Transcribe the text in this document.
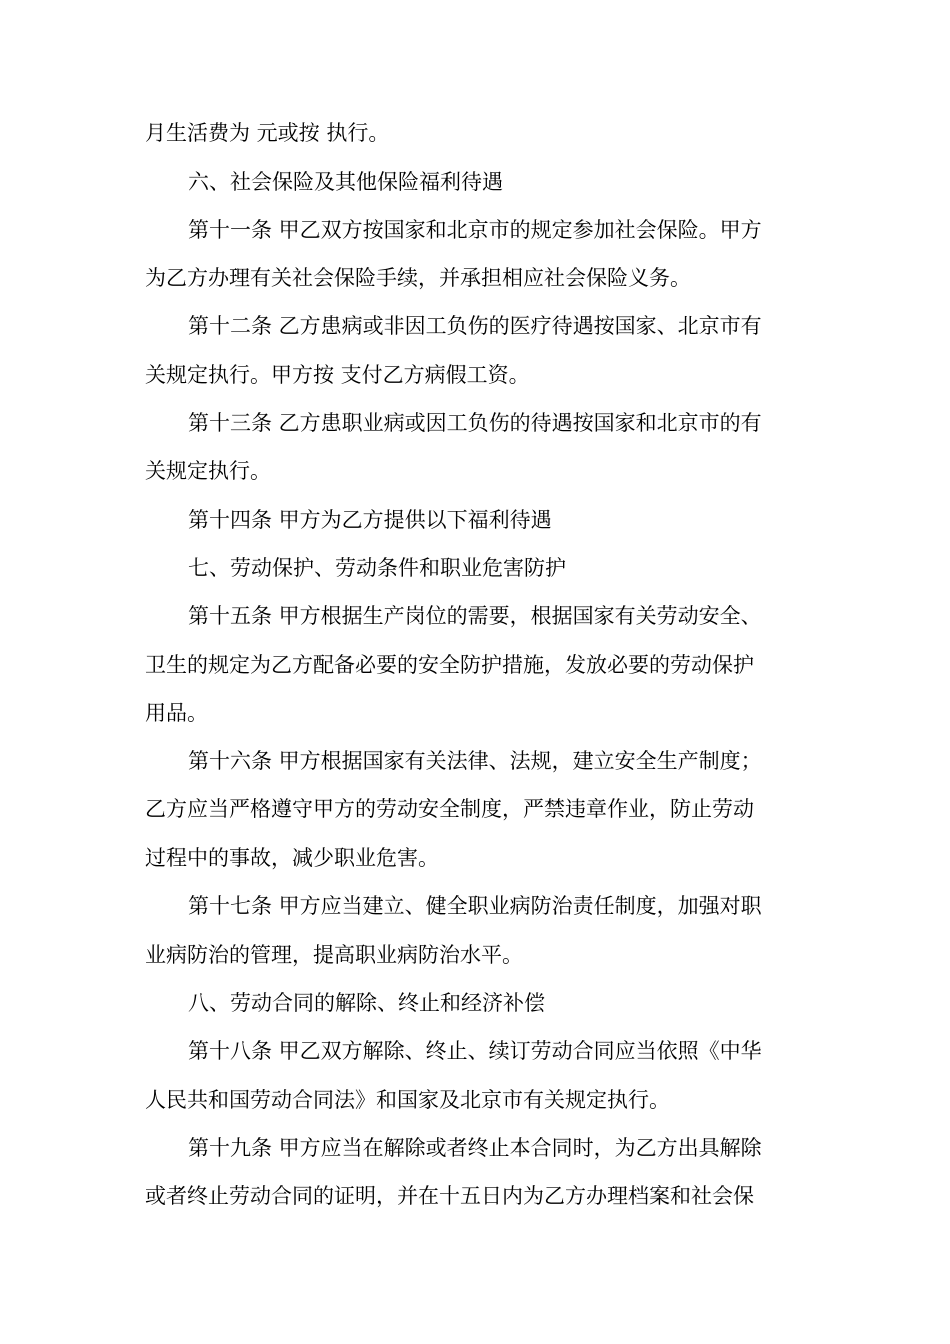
月生活费为 元或按 执行。
六、社会保险及其他保险福利待遇
第十一条 甲乙双方按国家和北京市的规定参加社会保险。甲方
为乙方办理有关社会保险手续，并承担相应社会保险义务。
第十二条 乙方患病或非因工负伤的医疗待遇按国家、北京市有
关规定执行。甲方按 支付乙方病假工资。
第十三条 乙方患职业病或因工负伤的待遇按国家和北京市的有
关规定执行。
第十四条 甲方为乙方提供以下福利待遇
七、劳动保护、劳动条件和职业危害防护
第十五条 甲方根据生产岗位的需要，根据国家有关劳动安全、
卫生的规定为乙方配备必要的安全防护措施，发放必要的劳动保护
用品。
第十六条 甲方根据国家有关法律、法规，建立安全生产制度；
乙方应当严格遵守甲方的劳动安全制度，严禁违章作业，防止劳动
过程中的事故，减少职业危害。
第十七条 甲方应当建立、健全职业病防治责任制度，加强对职
业病防治的管理，提高职业病防治水平。
八、劳动合同的解除、终止和经济补偿
第十八条 甲乙双方解除、终止、续订劳动合同应当依照《中华
人民共和国劳动合同法》和国家及北京市有关规定执行。
第十九条 甲方应当在解除或者终止本合同时，为乙方出具解除
或者终止劳动合同的证明，并在十五日内为乙方办理档案和社会保
